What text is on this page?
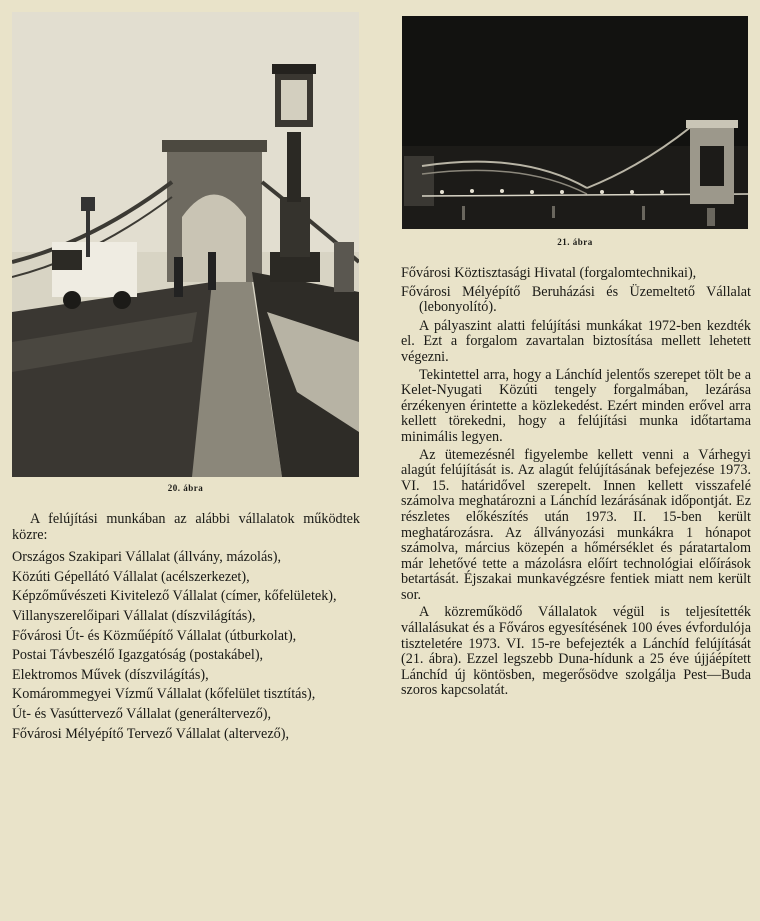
20. ábra
21. ábra

A felújítási munkában az alábbi vállalatok működtek közre:

Országos Szakipari Vállalat (állvány, mázolás),

Közúti Gépellátó Vállalat (acélszerkezet),

Képzőművészeti Kivitelező Vállalat (címer, kőfelületek),

Villanyszerelőipari Vállalat (díszvilágítás),

Fővárosi Út- és Közműépítő Vállalat (útburkolat),

Postai Távbeszélő Igazgatóság (postakábel),

Elektromos Művek (díszvilágítás),

Komárommegyei Vízmű Vállalat (kőfelület tisztítás),

Út- és Vasúttervező Vállalat (generáltervező),

Fővárosi Mélyépítő Tervező Vállalat (altervező),

Fővárosi Köztisztasági Hivatal (forgalomtechnikai),

Fővárosi Mélyépítő Beruházási és Üzemeltető Vállalat (lebonyolító).

A pályaszint alatti felújítási munkákat 1972-ben kezdték el. Ezt a forgalom zavartalan biztosítása mellett lehetett végezni.

Tekintettel arra, hogy a Lánchíd jelentős szerepet tölt be a Kelet-Nyugati Közúti tengely forgalmában, lezárása érzékenyen érintette a közlekedést. Ezért minden erővel arra kellett törekedni, hogy a felújítási munka időtartama minimális legyen.

Az ütemezésnél figyelembe kellett venni a Várhegyi alagút felújítását is. Az alagút felújításának befejezése 1973. VI. 15. határidővel szerepelt. Innen kellett visszafelé számolva meghatározni a Lánchíd lezárásának időpontját. Ez részletes előkészítés után 1973. II. 15-ben került meghatározásra. Az állványozási munkákra 1 hónapot számolva, március közepén a hőmérséklet és páratartalom már lehetővé tette a mázolásra előírt technológiai előírások betartását. Éjszakai munkavégzésre fentiek miatt nem került sor.

A közreműködő Vállalatok végül is teljesítették vállalásukat és a Főváros egyesítésének 100 éves évfordulója tiszteletére 1973. VI. 15-re befejezték a Lánchíd felújítását (21. ábra). Ezzel legszebb Duna-hídunk a 25 éve újjáépített Lánchíd új köntösben, megerősödve szolgálja Pest—Buda szoros kapcsolatát.
